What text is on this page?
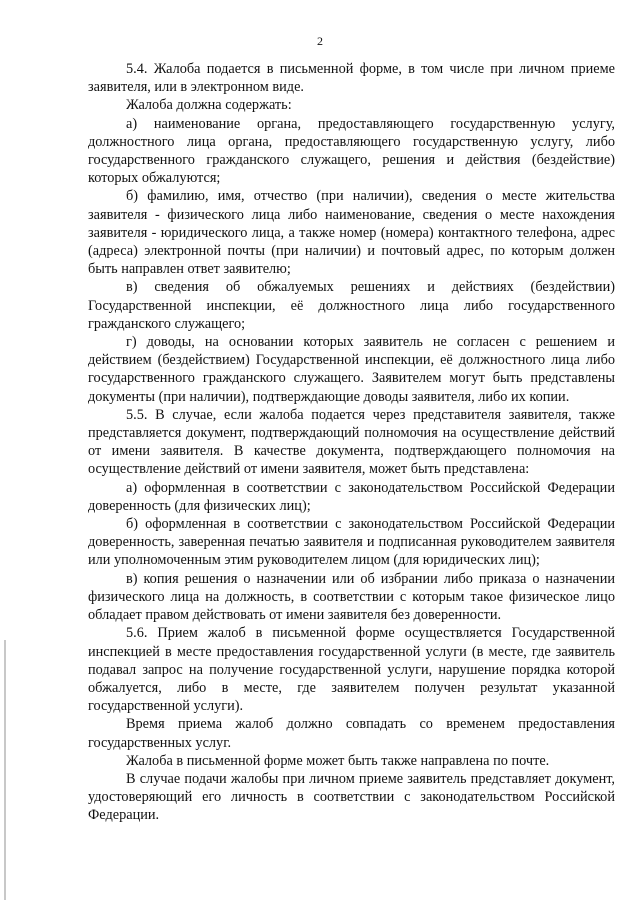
2

5.4. Жалоба подается в письменной форме, в том числе при личном приеме заявителя, или в электронном виде.

Жалоба должна содержать:

а) наименование органа, предоставляющего государственную услугу, должностного лица органа, предоставляющего государственную услугу, либо государственного гражданского служащего, решения и действия (бездействие) которых обжалуются;

б) фамилию, имя, отчество (при наличии), сведения о месте жительства заявителя - физического лица либо наименование, сведения о месте нахождения заявителя - юридического лица, а также номер (номера) контактного телефона, адрес (адреса) электронной почты (при наличии) и почтовый адрес, по которым должен быть направлен ответ заявителю;

в) сведения об обжалуемых решениях и действиях (бездействии) Государственной инспекции, её должностного лица либо государственного гражданского служащего;

г) доводы, на основании которых заявитель не согласен с решением и действием (бездействием) Государственной инспекции, её должностного лица либо государственного гражданского служащего. Заявителем могут быть представлены документы (при наличии), подтверждающие доводы заявителя, либо их копии.

5.5. В случае, если жалоба подается через представителя заявителя, также представляется документ, подтверждающий полномочия на осуществление действий от имени заявителя. В качестве документа, подтверждающего полномочия на осуществление действий от имени заявителя, может быть представлена:

а) оформленная в соответствии с законодательством Российской Федерации доверенность (для физических лиц);

б) оформленная в соответствии с законодательством Российской Федерации доверенность, заверенная печатью заявителя и подписанная руководителем заявителя или уполномоченным этим руководителем лицом (для юридических лиц);

в) копия решения о назначении или об избрании либо приказа о назначении физического лица на должность, в соответствии с которым такое физическое лицо обладает правом действовать от имени заявителя без доверенности.

5.6. Прием жалоб в письменной форме осуществляется Государственной инспекцией в месте предоставления государственной услуги (в месте, где заявитель подавал запрос на получение государственной услуги, нарушение порядка которой обжалуется, либо в месте, где заявителем получен результат указанной государственной услуги).

Время приема жалоб должно совпадать со временем предоставления государственных услуг.

Жалоба в письменной форме может быть также направлена по почте.

В случае подачи жалобы при личном приеме заявитель представляет документ, удостоверяющий его личность в соответствии с законодательством Российской Федерации.
